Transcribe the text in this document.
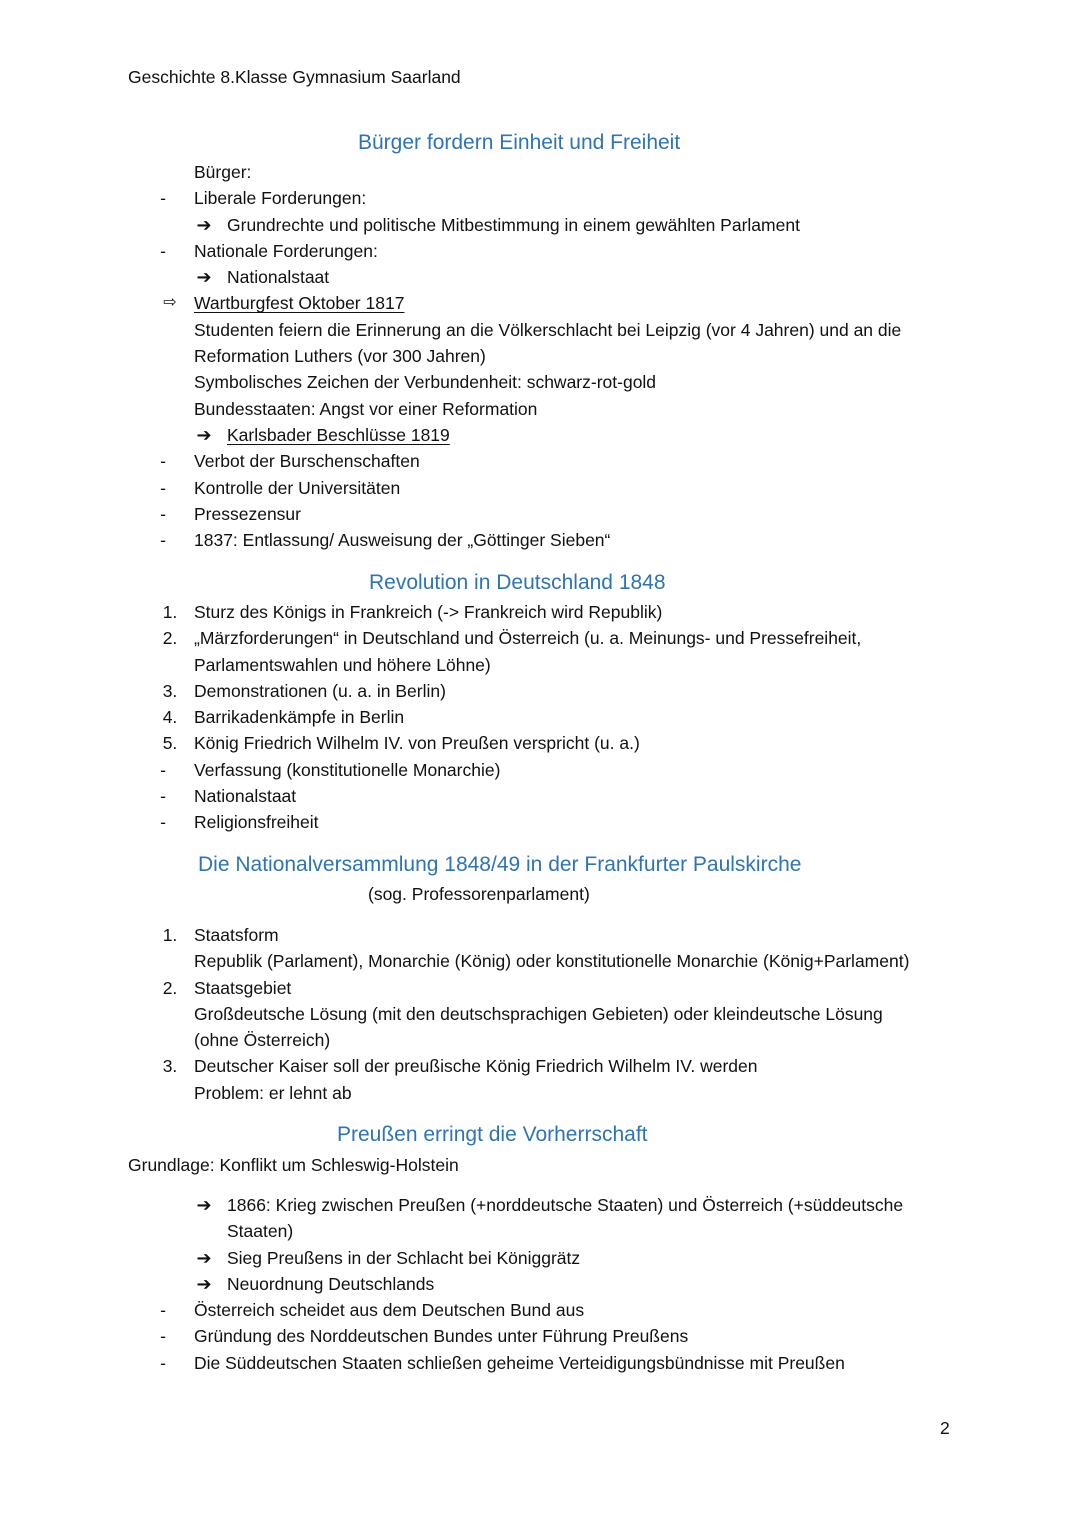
Geschichte 8.Klasse Gymnasium Saarland
Bürger fordern Einheit und Freiheit
Bürger:
-	Liberale Forderungen:
➔ Grundrechte und politische Mitbestimmung in einem gewählten Parlament
-	Nationale Forderungen:
➔ Nationalstaat
⇨ Wartburgfest Oktober 1817
Studenten feiern die Erinnerung an die Völkerschlacht bei Leipzig (vor 4 Jahren) und an die
Reformation Luthers (vor 300 Jahren)
Symbolisches Zeichen der Verbundenheit: schwarz-rot-gold
Bundesstaaten: Angst vor einer Reformation
➔ Karlsbader Beschlüsse 1819
-	Verbot der Burschenschaften
-	Kontrolle der Universitäten
-	Pressezensur
-	1837: Entlassung/ Ausweisung der „Göttinger Sieben“
Revolution in Deutschland 1848
1. Sturz des Königs in Frankreich (-> Frankreich wird Republik)
2. „Märzforderungen“ in Deutschland und Österreich (u. a. Meinungs- und Pressefreiheit,
Parlamentswahlen und höhere Löhne)
3. Demonstrationen (u. a. in Berlin)
4. Barrikadenkämpfe in Berlin
5. König Friedrich Wilhelm IV. von Preußen verspricht (u. a.)
-	Verfassung (konstitutionelle Monarchie)
-	Nationalstaat
-	Religionsfreiheit
Die Nationalversammlung 1848/49 in der Frankfurter Paulskirche
(sog. Professorenparlament)
1. Staatsform
Republik (Parlament), Monarchie (König) oder konstitutionelle Monarchie (König+Parlament)
2. Staatsgebiet
Großdeutsche Lösung (mit den deutschsprachigen Gebieten) oder kleindeutsche Lösung
(ohne Österreich)
3. Deutscher Kaiser soll der preußische König Friedrich Wilhelm IV. werden
Problem: er lehnt ab
Preußen erringt die Vorherrschaft
Grundlage: Konflikt um Schleswig-Holstein
➔ 1866: Krieg zwischen Preußen (+norddeutsche Staaten) und Österreich (+süddeutsche
Staaten)
➔ Sieg Preußens in der Schlacht bei Königgrätz
➔ Neuordnung Deutschlands
-	Österreich scheidet aus dem Deutschen Bund aus
-	Gründung des Norddeutschen Bundes unter Führung Preußens
-	Die Süddeutschen Staaten schließen geheime Verteidigungsbündnisse mit Preußen
2
